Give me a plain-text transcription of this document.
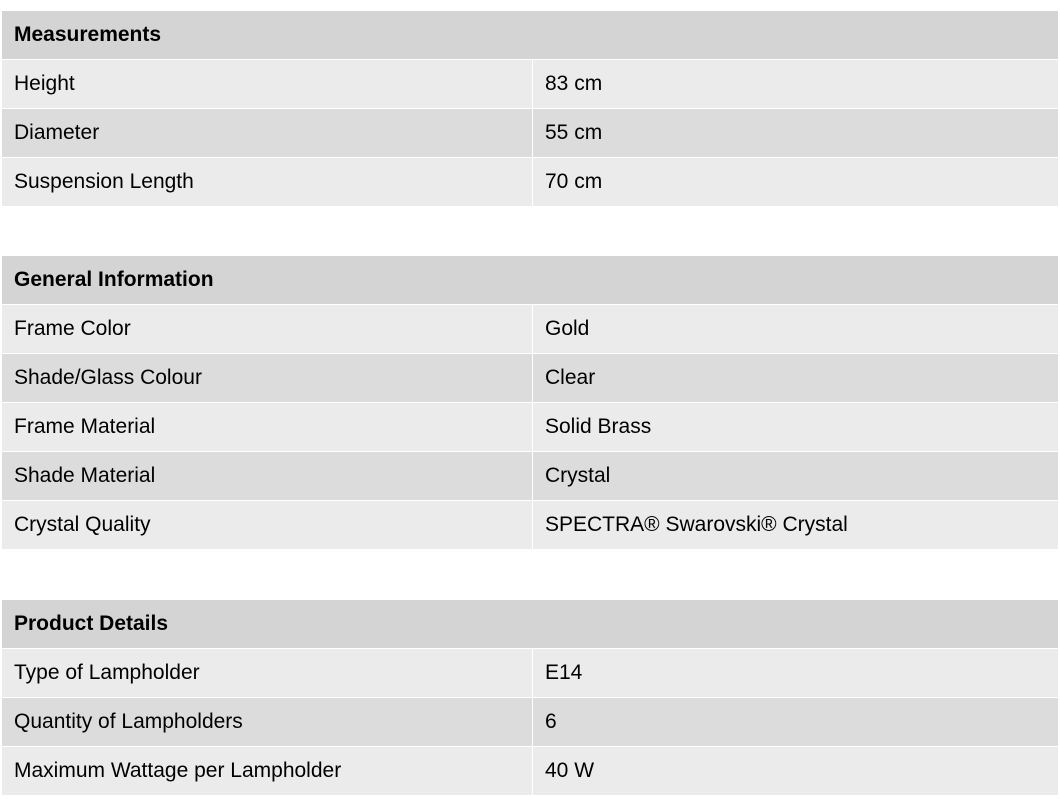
Measurements
Height	83 cm
Diameter	55 cm
Suspension Length	70 cm
General Information
Frame Color	Gold
Shade/Glass Colour	Clear
Frame Material	Solid Brass
Shade Material	Crystal
Crystal Quality	SPECTRA® Swarovski® Crystal
Product Details
Type of Lampholder	E14
Quantity of Lampholders	6
Maximum Wattage per Lampholder	40 W
